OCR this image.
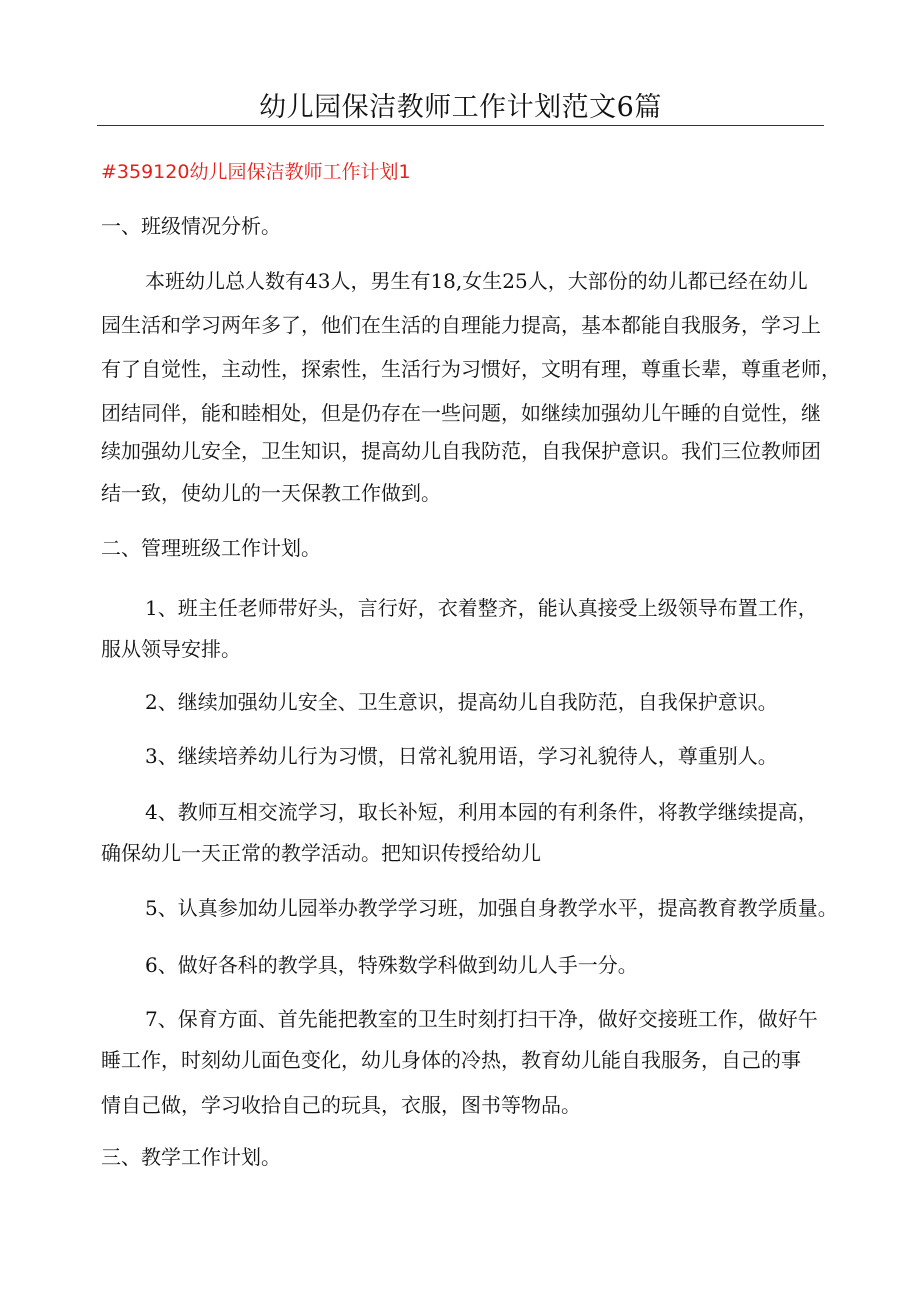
幼儿园保洁教师工作计划范文6篇
#359120幼儿园保洁教师工作计划1
一、班级情况分析。
本班幼儿总人数有43人，男生有18,女生25人，大部份的幼儿都已经在幼儿
园生活和学习两年多了，他们在生活的自理能力提高，基本都能自我服务，学习上
有了自觉性，主动性，探索性，生活行为习惯好，文明有理，尊重长辈，尊重老师，
团结同伴，能和睦相处，但是仍存在一些问题，如继续加强幼儿午睡的自觉性，继
续加强幼儿安全，卫生知识，提高幼儿自我防范，自我保护意识。我们三位教师团
结一致，使幼儿的一天保教工作做到。
二、管理班级工作计划。
1、班主任老师带好头，言行好，衣着整齐，能认真接受上级领导布置工作，
服从领导安排。
2、继续加强幼儿安全、卫生意识，提高幼儿自我防范，自我保护意识。
3、继续培养幼儿行为习惯，日常礼貌用语，学习礼貌待人，尊重别人。
4、教师互相交流学习，取长补短，利用本园的有利条件，将教学继续提高，
确保幼儿一天正常的教学活动。把知识传授给幼儿
5、认真参加幼儿园举办教学学习班，加强自身教学水平，提高教育教学质量。
6、做好各科的教学具，特殊数学科做到幼儿人手一分。
7、保育方面、首先能把教室的卫生时刻打扫干净，做好交接班工作，做好午
睡工作，时刻幼儿面色变化，幼儿身体的冷热，教育幼儿能自我服务，自己的事
情自己做，学习收拾自己的玩具，衣服，图书等物品。
三、教学工作计划。
